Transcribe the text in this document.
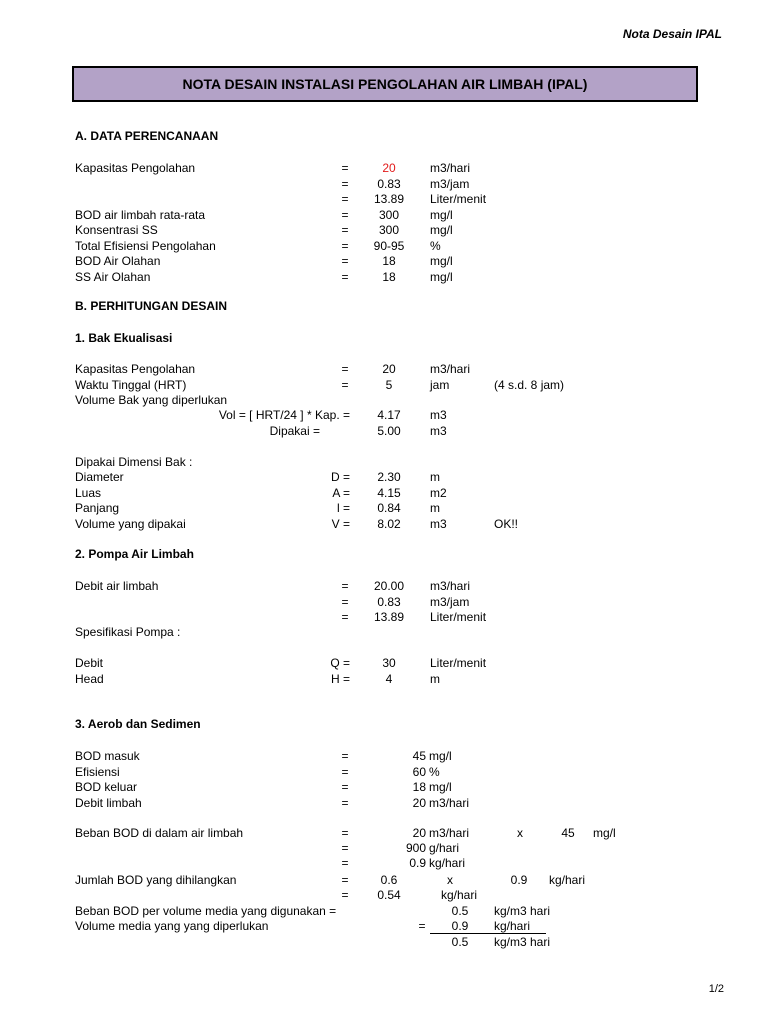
Nota Desain IPAL
NOTA DESAIN INSTALASI PENGOLAHAN AIR LIMBAH (IPAL)
A. DATA PERENCANAAN
Kapasitas Pengolahan	=	20	m3/hari
=	0.83	m3/jam
=	13.89	Liter/menit
BOD air limbah rata-rata	=	300	mg/l
Konsentrasi SS	=	300	mg/l
Total Efisiensi Pengolahan	=	90-95	%
BOD Air Olahan	=	18	mg/l
SS Air Olahan	=	18	mg/l
B. PERHITUNGAN DESAIN
1. Bak Ekualisasi
Kapasitas Pengolahan	=	20	m3/hari
Waktu Tinggal (HRT)	=	5	jam	(4 s.d. 8 jam)
Volume Bak yang diperlukan
Vol = [ HRT/24 ] * Kap. =	4.17	m3
Dipakai =	5.00	m3
Dipakai Dimensi Bak :
Diameter	D =	2.30	m
Luas	A =	4.15	m2
Panjang	l =	0.84	m
Volume yang dipakai	V =	8.02	m3	OK!!
2. Pompa Air Limbah
Debit air limbah	=	20.00	m3/hari
=	0.83	m3/jam
=	13.89	Liter/menit
Spesifikasi Pompa :
Debit	Q =	30	Liter/menit
Head	H =	4	m
3. Aerob dan Sedimen
BOD masuk	=	45 mg/l
Efisiensi	=	60 %
BOD keluar	=	18 mg/l
Debit limbah	=	20 m3/hari
Beban BOD di dalam air limbah	=	20 m3/hari	x	45	mg/l
=	900 g/hari
=	0.9 kg/hari
Jumlah BOD yang dihilangkan	=	0.6	x	0.9	kg/hari
=	0.54	kg/hari
Beban BOD per volume media yang digunakan =	0.5	kg/m3 hari
Volume media yang yang diperlukan	=	0.9	kg/hari
0.5	kg/m3 hari
1/2
